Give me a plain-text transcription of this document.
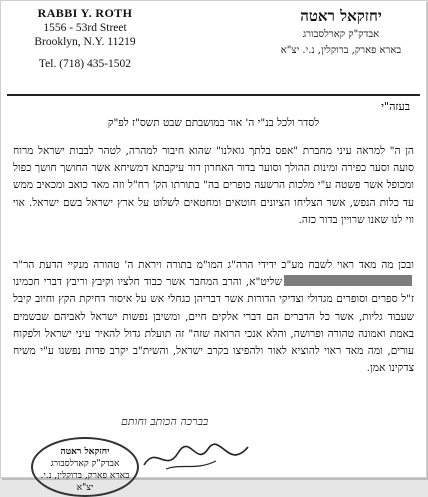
RABBI Y. ROTH
1556 - 53rd Street
Brooklyn, N.Y. 11219
Tel. (718) 435-1502
יחזקאל ראטה
אבדק"ק קארלסבורג
בארא פארק, ברוקלין, נ.י. יצ"א
בעזה"י
לסדר ולכל בנ"י ה' אור במושבתם שבט תשס"ז לפ"ק

הן ה" למראה עיני מחברת "אפס בלתך גואלנו" שהוא חיבור למהרה, לטהר לבבות ישראל מרוח סועה וסער כפירה ומינות ההולך וסוער בדור האחרון דור עיקבתא דמשיחא אשר החושך חושך כפול ומכופל אשר פשטה ע"י מלכות הרשעה כופרים בה" בתורתו הק' רח"ל וזה מאד כואב ומכאיב ממש עד כלות הנפש, אשר הצליחו הציונים חוטאים ומחטאים לשלוט על ארץ ישראל בשם ישראל. אוי ווי לנו שאנו שרויין בדור כזה.

ובכן מה מאד ראוי לשבח מע"כ ידידי הרה"ג המו"מ בתורה ויראת ה' טהורה מנקיי הדעת הר"רשליט"א, והרב המחבר אשר כבוד חלציו וקיבץ וריבץ דברי חכמינו ז"ל ספרים וסופרים מגדולי וצדיקי הדורות אשר דבריהן כגחלי אש על איסור דחיקת הקץ וחיוב קיבל שעבוד גליות, אשר כל הדברים הם דברי אלקים חיים, ומשיבן נפשות ישראל לאביהם שבשמים באמת ואמונה טהורה ופרושה, והלא אנכי הרואה שזה" זה תועלת גדול להאיר עיני ישראל ולפקוח עורים, ומה מאד ראוי להוציא לאור ולהפיצו בקרב ישראל, והשית"ב יקרב פדות נפשנו ע"י משיח צדקינו אמן.

בברכה הכותב וחותם
יחזקאל ראטה
אבדק"ק קארלסבורג
בארא פארק, ברוקלין, נ.י. יצ"א
